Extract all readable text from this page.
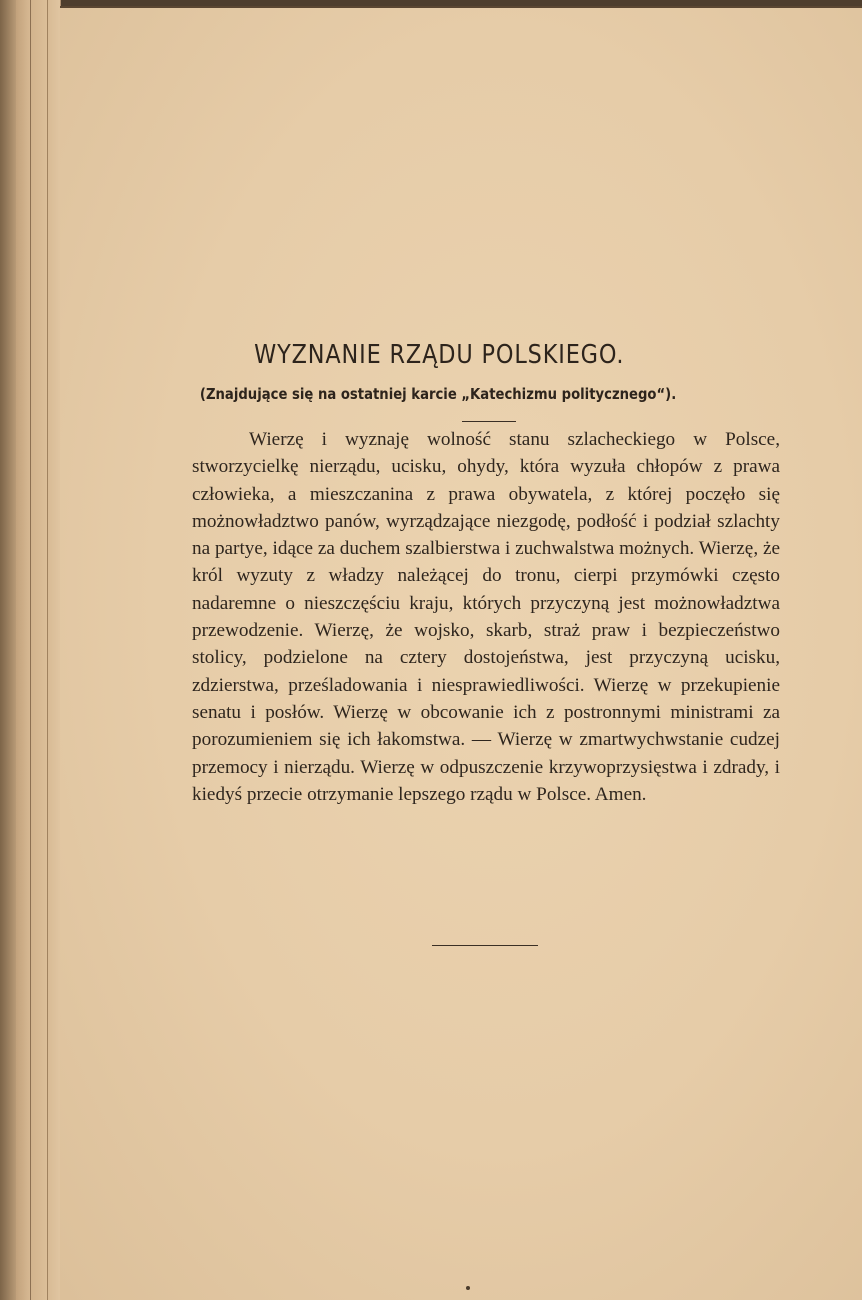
WYZNANIE RZĄDU POLSKIEGO.
(Znajdujące się na ostatniej karcie „Katechizmu politycznego“).

Wierzę i wyznaję wolność stanu szlacheckiego w Polsce, stworzycielkę nierządu, ucisku, ohydy, która wyzuła chłopów z prawa człowieka, a mieszczanina z prawa obywatela, z której poczęło się możnowładztwo panów, wyrządzające niezgodę, podłość i podział szlachty na partye, idące za duchem szalbierstwa i zuchwalstwa możnych. Wierzę, że król wyzuty z władzy należącej do tronu, cierpi przymówki często nadaremne o nieszczęściu kraju, których przyczyną jest możnowładztwa przewodzenie. Wierzę, że wojsko, skarb, straż praw i bezpieczeństwo stolicy, podzielone na cztery dostojeństwa, jest przyczyną ucisku, zdzierstwa, prześladowania i niesprawiedliwości. Wierzę w przekupienie senatu i posłów. Wierzę w obcowanie ich z postronnymi ministrami za porozumieniem się ich łakomstwa. — Wierzę w zmartwychwstanie cudzej przemocy i nierządu. Wierzę w odpuszczenie krzywoprzysięstwa i zdrady, i kiedyś przecie otrzymanie lepszego rządu w Polsce. Amen.
